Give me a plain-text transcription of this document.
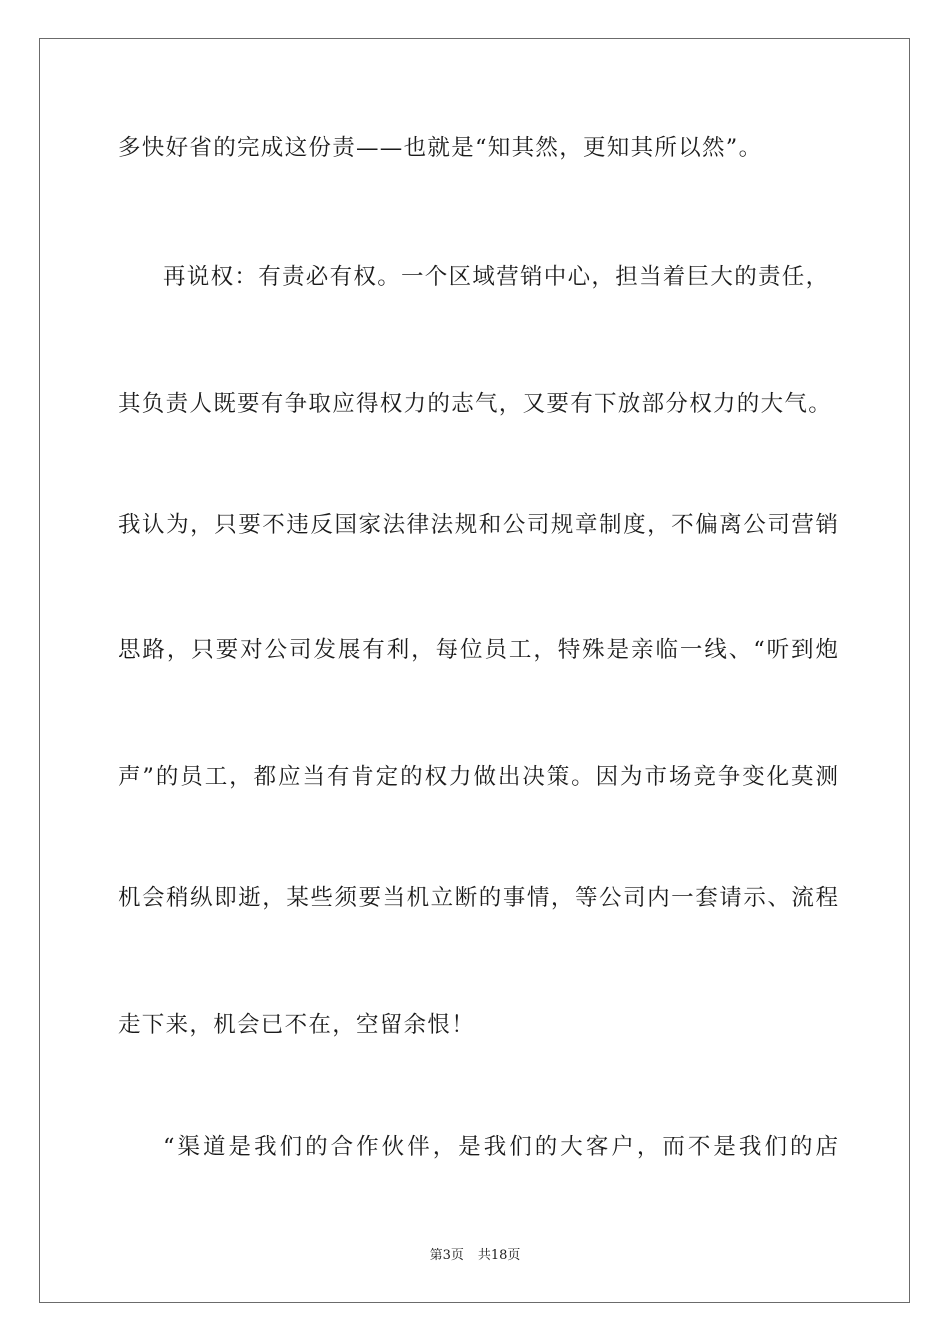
多快好省的完成这份责——也就是“知其然，更知其所以然”。
再说权：有责必有权。一个区域营销中心，担当着巨大的责任，
其负责人既要有争取应得权力的志气，又要有下放部分权力的大气。
我认为，只要不违反国家法律法规和公司规章制度，不偏离公司营销
思路，只要对公司发展有利，每位员工，特殊是亲临一线、“听到炮
声”的员工，都应当有肯定的权力做出决策。因为市场竞争变化莫测
机会稍纵即逝，某些须要当机立断的事情，等公司内一套请示、流程
走下来，机会已不在，空留余恨！
“渠道是我们的合作伙伴，是我们的大客户，而不是我们的店
第3页 共18页
